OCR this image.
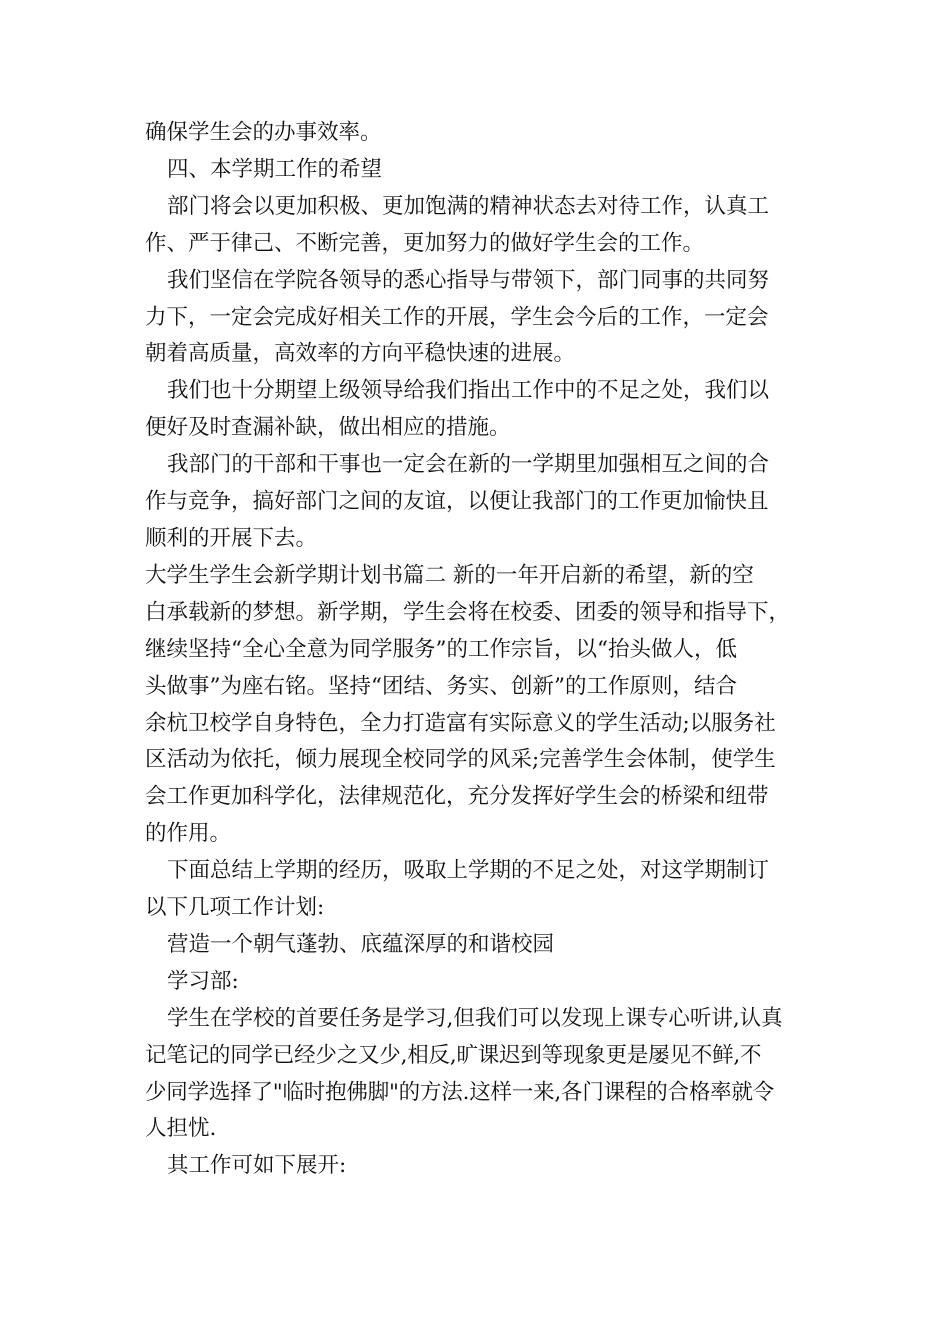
确保学生会的办事效率。

四、本学期工作的希望

部门将会以更加积极、更加饱满的精神状态去对待工作，认真工

作、严于律己、不断完善，更加努力的做好学生会的工作。

我们坚信在学院各领导的悉心指导与带领下，部门同事的共同努

力下，一定会完成好相关工作的开展，学生会今后的工作，一定会

朝着高质量，高效率的方向平稳快速的进展。

我们也十分期望上级领导给我们指出工作中的不足之处，我们以

便好及时查漏补缺，做出相应的措施。

我部门的干部和干事也一定会在新的一学期里加强相互之间的合

作与竞争，搞好部门之间的友谊，以便让我部门的工作更加愉快且

顺利的开展下去。

大学生学生会新学期计划书篇二 新的一年开启新的希望，新的空

白承载新的梦想。新学期，学生会将在校委、团委的领导和指导下，

继续坚持“全心全意为同学服务”的工作宗旨，以“抬头做人，低

头做事”为座右铭。坚持“团结、务实、创新”的工作原则，结合

余杭卫校学自身特色，全力打造富有实际意义的学生活动;以服务社

区活动为依托，倾力展现全校同学的风采;完善学生会体制，使学生

会工作更加科学化，法律规范化，充分发挥好学生会的桥梁和纽带

的作用。

下面总结上学期的经历，吸取上学期的不足之处，对这学期制订

以下几项工作计划:

营造一个朝气蓬勃、底蕴深厚的和谐校园

学习部:

学生在学校的首要任务是学习,但我们可以发现上课专心听讲,认真

记笔记的同学已经少之又少,相反,旷课迟到等现象更是屡见不鲜,不

少同学选择了"临时抱佛脚"的方法.这样一来,各门课程的合格率就令

人担忧.

其工作可如下展开:
